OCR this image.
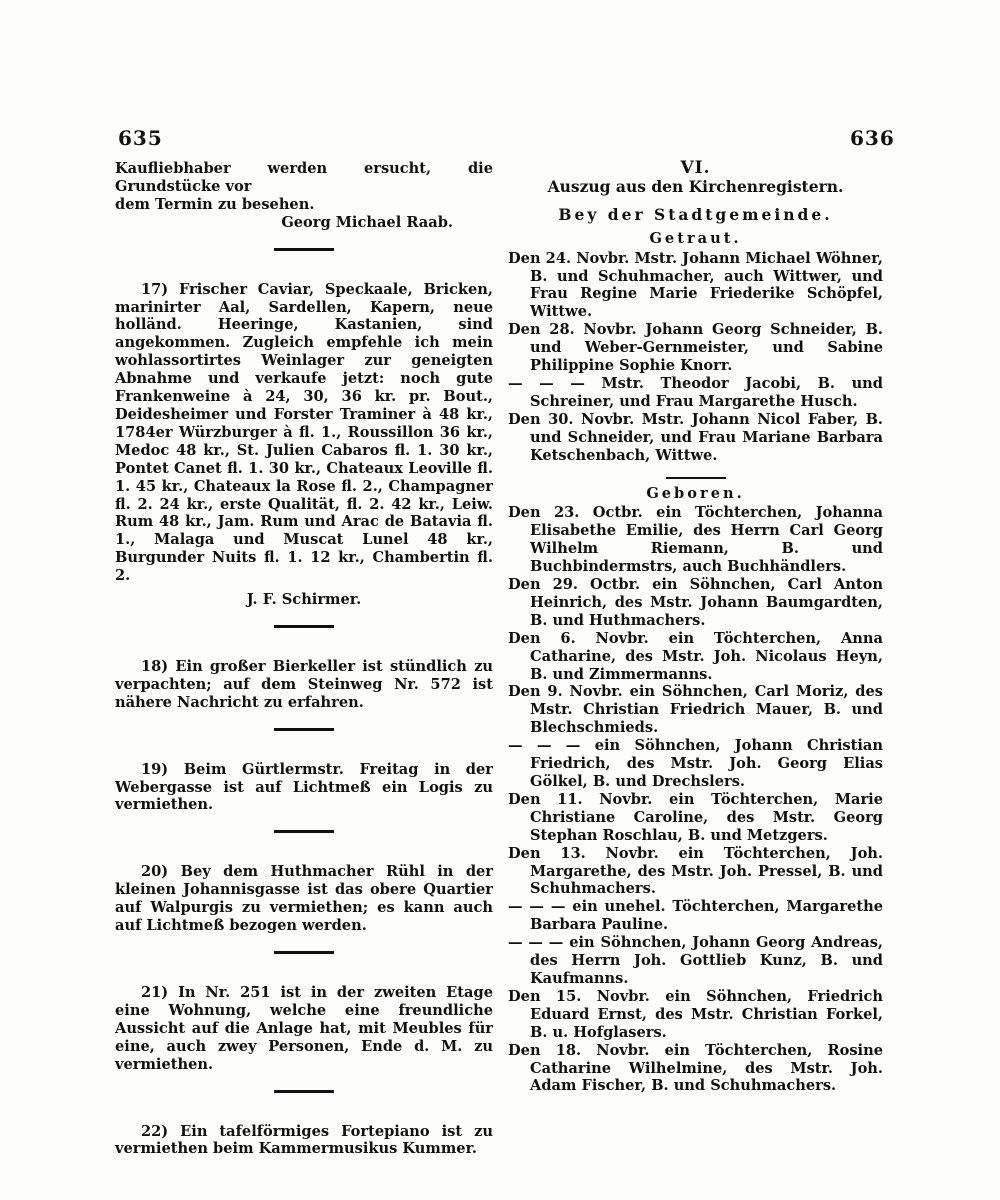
635	636

Kaufliebhaber werden ersucht, die Grundstücke vor

dem Termin zu besehen.

Georg Michael Raab.

17) Frischer Caviar, Speckaale, Bricken, marinirter Aal, Sardellen, Kapern, neue holländ. Heeringe, Kastanien, sind angekommen. Zugleich empfehle ich mein wohlassortirtes Weinlager zur geneigten Abnahme und verkaufe jetzt: noch gute Frankenweine à 24, 30, 36 kr. pr. Bout., Deidesheimer und Forster Traminer à 48 kr., 1784er Würzburger à fl. 1., Roussillon 36 kr., Medoc 48 kr., St. Julien Cabaros fl. 1. 30 kr., Pontet Canet fl. 1. 30 kr., Chateaux Leoville fl. 1. 45 kr., Chateaux la Rose fl. 2., Champagner fl. 2. 24 kr., erste Qualität, fl. 2. 42 kr., Leiw. Rum 48 kr., Jam. Rum und Arac de Batavia fl. 1., Malaga und Muscat Lunel 48 kr., Burgunder Nuits fl. 1. 12 kr., Chambertin fl. 2.

J. F. Schirmer.

18) Ein großer Bierkeller ist stündlich zu verpachten; auf dem Steinweg Nr. 572 ist nähere Nachricht zu erfahren.

19) Beim Gürtlermstr. Freitag in der Webergasse ist auf Lichtmeß ein Logis zu vermiethen.

20) Bey dem Huthmacher Rühl in der kleinen Johannisgasse ist das obere Quartier auf Walpurgis zu vermiethen; es kann auch auf Lichtmeß bezogen werden.

21) In Nr. 251 ist in der zweiten Etage eine Wohnung, welche eine freundliche Aussicht auf die Anlage hat, mit Meubles für eine, auch zwey Personen, Ende d. M. zu vermiethen.

22) Ein tafelförmiges Fortepiano ist zu vermiethen beim Kammermusikus Kummer.

VI.

Auszug aus den Kirchenregistern.

Bey der Stadtgemeinde.

Getraut.

Den 24. Novbr. Mstr. Johann Michael Wöhner, B. und Schuhmacher, auch Wittwer, und Frau Regine Marie Friederike Schöpfel, Wittwe.

Den 28. Novbr. Johann Georg Schneider, B. und Weber-Gernmeister, und Sabine Philippine Sophie Knorr.

— — — Mstr. Theodor Jacobi, B. und Schreiner, und Frau Margarethe Husch.

Den 30. Novbr. Mstr. Johann Nicol Faber, B. und Schneider, und Frau Mariane Barbara Ketschenbach, Wittwe.

Geboren.

Den 23. Octbr. ein Töchterchen, Johanna Elisabethe Emilie, des Herrn Carl Georg Wilhelm Riemann, B. und Buchbindermstrs, auch Buchhändlers.

Den 29. Octbr. ein Söhnchen, Carl Anton Heinrich, des Mstr. Johann Baumgardten, B. und Huthmachers.

Den 6. Novbr. ein Töchterchen, Anna Catharine, des Mstr. Joh. Nicolaus Heyn, B. und Zimmermanns.

Den 9. Novbr. ein Söhnchen, Carl Moriz, des Mstr. Christian Friedrich Mauer, B. und Blechschmieds.

— — — ein Söhnchen, Johann Christian Friedrich, des Mstr. Joh. Georg Elias Gölkel, B. und Drechslers.

Den 11. Novbr. ein Töchterchen, Marie Christiane Caroline, des Mstr. Georg Stephan Roschlau, B. und Metzgers.

Den 13. Novbr. ein Töchterchen, Joh. Margarethe, des Mstr. Joh. Pressel, B. und Schuhmachers.

— — — ein unehel. Töchterchen, Margarethe Barbara Pauline.

— — — ein Söhnchen, Johann Georg Andreas, des Herrn Joh. Gottlieb Kunz, B. und Kaufmanns.

Den 15. Novbr. ein Söhnchen, Friedrich Eduard Ernst, des Mstr. Christian Forkel, B. u. Hofglasers.

Den 18. Novbr. ein Töchterchen, Rosine Catharine Wilhelmine, des Mstr. Joh. Adam Fischer, B. und Schuhmachers.
